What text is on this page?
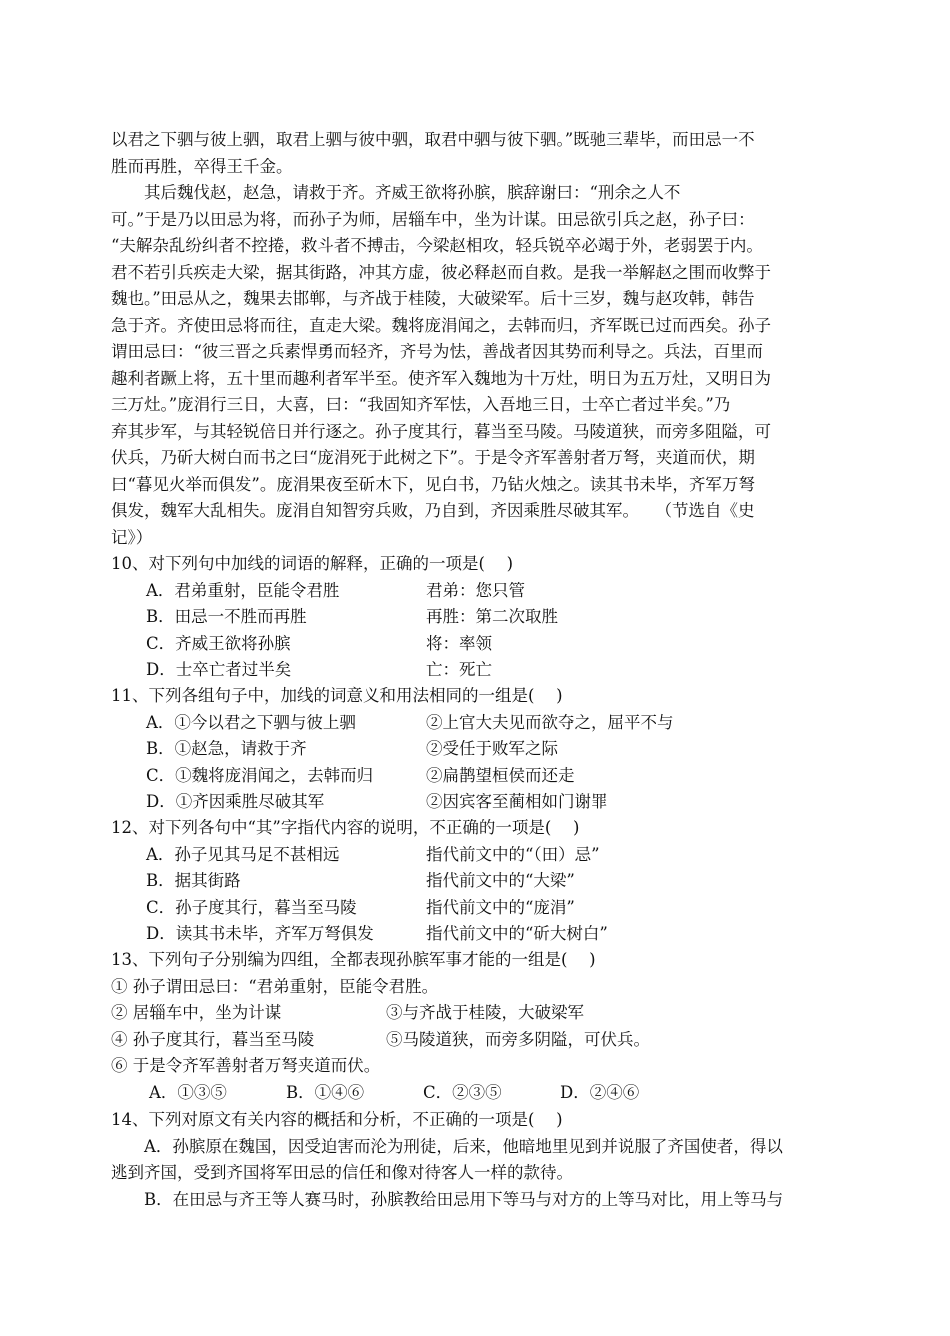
以君之下驷与彼上驷，取君上驷与彼中驷，取君中驷与彼下驷。”既驰三辈毕，而田忌一不
胜而再胜，卒得王千金。
　　其后魏伐赵，赵急，请救于齐。齐威王欲将孙膑，膑辞谢曰：“刑余之人不
可。”于是乃以田忌为将，而孙子为师，居辎车中，坐为计谋。田忌欲引兵之赵，孙子曰：
“夫解杂乱纷纠者不控捲，救斗者不搏击，今梁赵相攻，轻兵锐卒必竭于外，老弱罢于内。
君不若引兵疾走大梁，据其街路，冲其方虚，彼必释赵而自救。是我一举解赵之围而收弊于
魏也。”田忌从之，魏果去邯郸，与齐战于桂陵，大破梁军。后十三岁，魏与赵攻韩，韩告
急于齐。齐使田忌将而往，直走大梁。魏将庞涓闻之，去韩而归，齐军既已过而西矣。孙子
谓田忌曰：“彼三晋之兵素悍勇而轻齐，齐号为怯，善战者因其势而利导之。兵法，百里而
趣利者蹶上将，五十里而趣利者军半至。使齐军入魏地为十万灶，明日为五万灶，又明日为
三万灶。”庞涓行三日，大喜，曰：“我固知齐军怯，入吾地三日，士卒亡者过半矣。”乃
弃其步军，与其轻锐倍日并行逐之。孙子度其行，暮当至马陵。马陵道狭，而旁多阻隘，可
伏兵，乃斫大树白而书之曰“庞涓死于此树之下”。于是令齐军善射者万弩，夹道而伏，期
曰“暮见火举而俱发”。庞涓果夜至斫木下，见白书，乃钻火烛之。读其书未毕，齐军万弩
俱发，魏军大乱相失。庞涓自知智穷兵败，乃自到，齐因乘胜尽破其军。　　（节选自《史
记》）
10、对下列句中加线的词语的解释，正确的一项是(　 )
A．君弟重射，臣能令君胜	君弟：您只管
B．田忌一不胜而再胜	再胜：第二次取胜
C．齐威王欲将孙膑	将：率领
D．士卒亡者过半矣	亡：死亡
11、下列各组句子中，加线的词意义和用法相同的一组是(　 )
A．①今以君之下驷与彼上驷	②上官大夫见而欲夺之，屈平不与
B．①赵急，请救于齐	②受任于败军之际
C．①魏将庞涓闻之，去韩而归	②扁鹊望桓侯而还走
D．①齐因乘胜尽破其军	②因宾客至蔺相如门谢罪
12、对下列各句中“其”字指代内容的说明，不正确的一项是(　 )
A．孙子见其马足不甚相远	指代前文中的“（田）忌”
B．据其街路	指代前文中的“大梁”
C．孙子度其行，暮当至马陵	指代前文中的“庞涓”
D．读其书未毕，齐军万弩俱发	指代前文中的“斫大树白”
13、下列句子分别编为四组，全都表现孙膑军事才能的一组是(　 )
① 孙子谓田忌曰：“君弟重射，臣能令君胜。
② 居辎车中，坐为计谋	③与齐战于桂陵，大破梁军
④ 孙子度其行，暮当至马陵	⑤马陵道狭，而旁多阴隘，可伏兵。
⑥ 于是令齐军善射者万弩夹道而伏。
A．①③⑤	B．①④⑥	C．②③⑤	D．②④⑥
14、下列对原文有关内容的概括和分析，不正确的一项是(　 )
　　A．孙膑原在魏国，因受迫害而沦为刑徒，后来，他暗地里见到并说服了齐国使者，得以
逃到齐国，受到齐国将军田忌的信任和像对待客人一样的款待。
　　B．在田忌与齐王等人赛马时，孙膑教给田忌用下等马与对方的上等马对比，用上等马与
